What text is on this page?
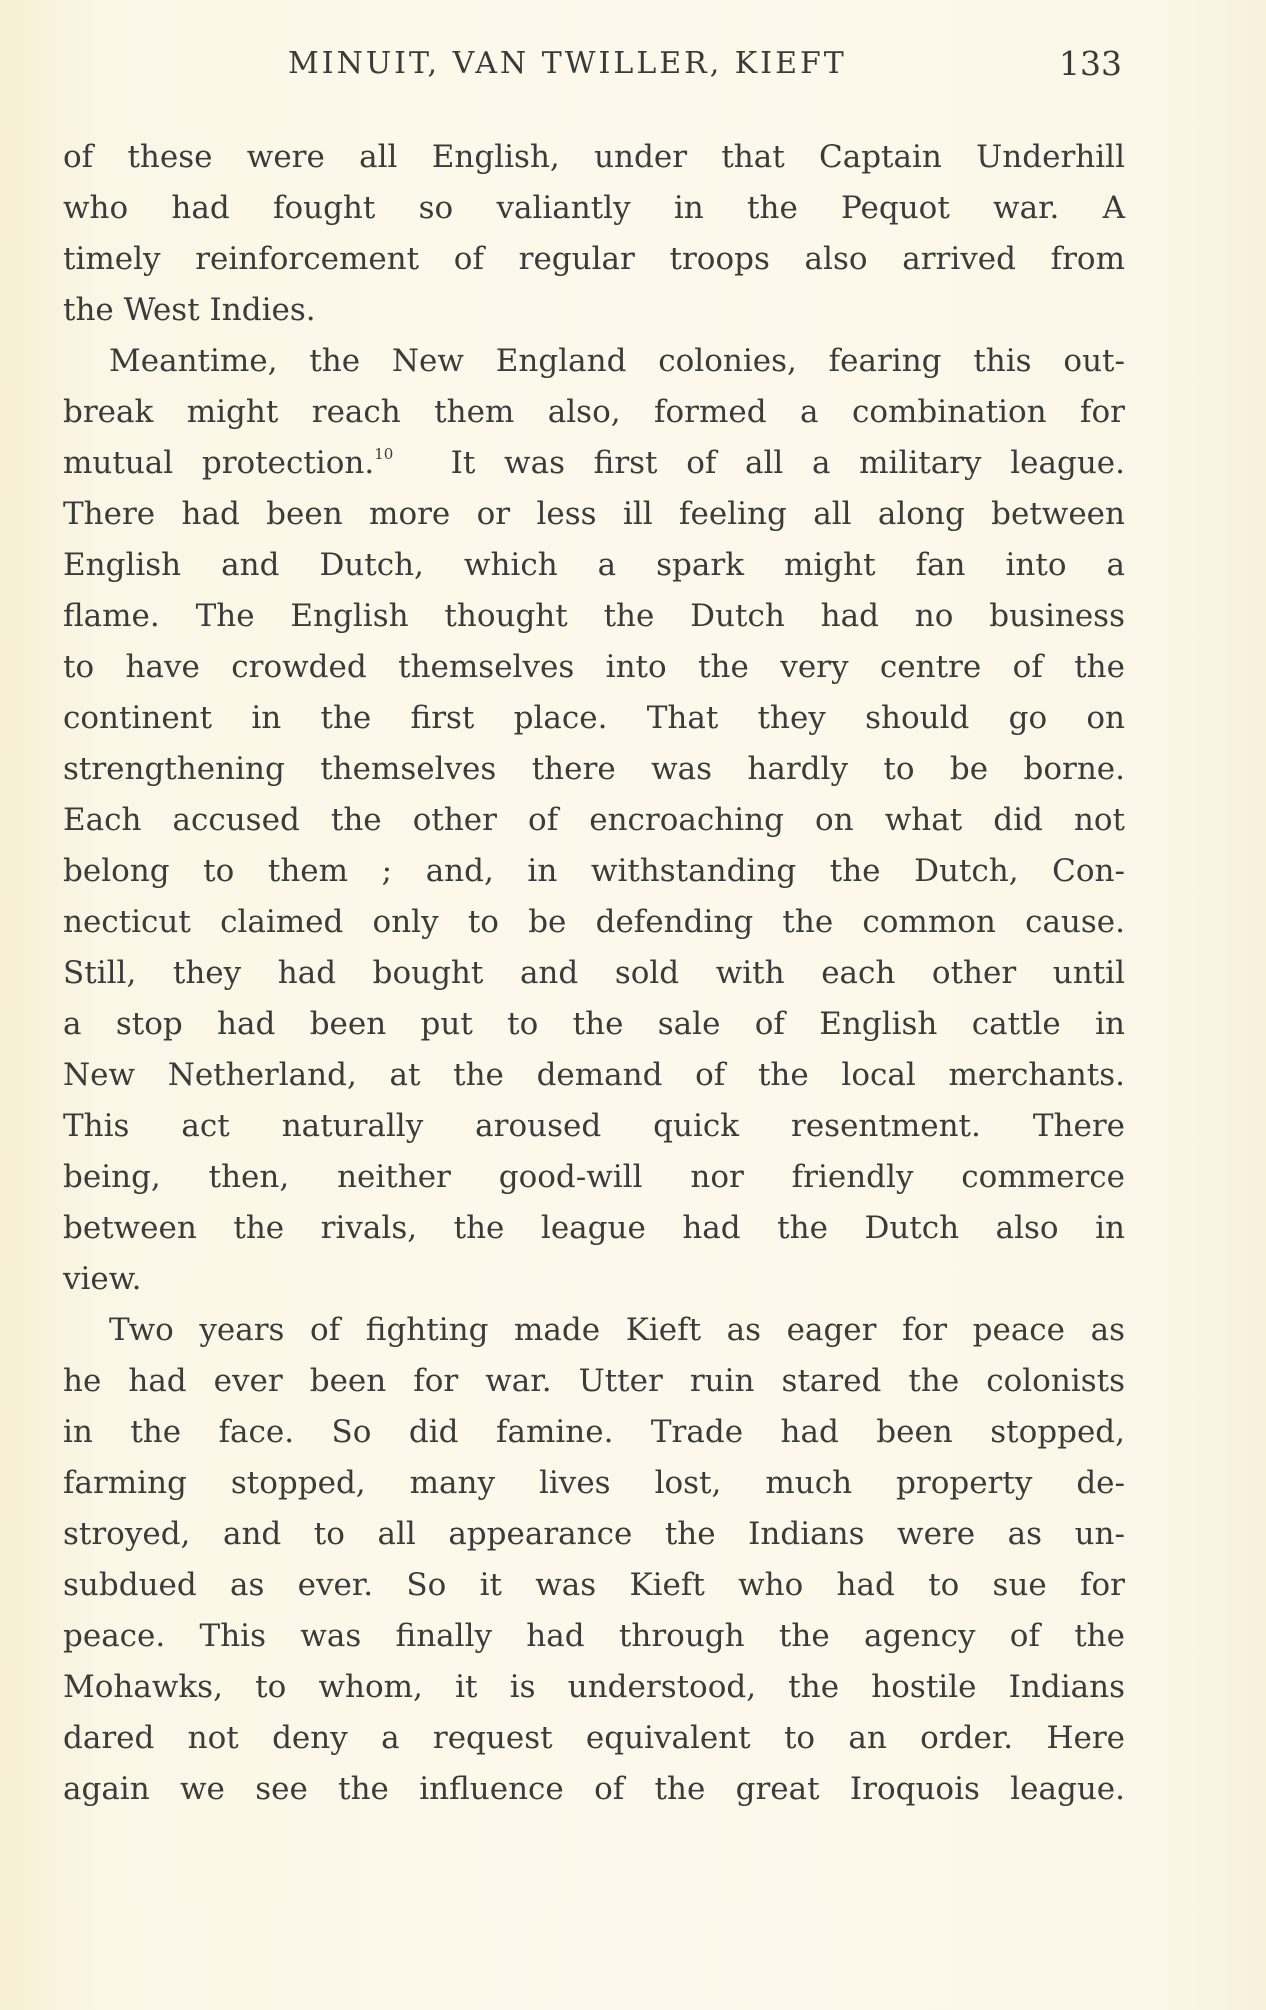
MINUIT, VAN TWILLER, KIEFT	133
of these were all English, under that Captain Underhill
who had fought so valiantly in the Pequot war. A
timely reinforcement of regular troops also arrived from
the West Indies.
Meantime, the New England colonies, fearing this out-
break might reach them also, formed a combination for
mutual protection.$^{10}$ It was first of all a military league.
There had been more or less ill feeling all along between
English and Dutch, which a spark might fan into a
flame. The English thought the Dutch had no business
to have crowded themselves into the very centre of the
continent in the first place. That they should go on
strengthening themselves there was hardly to be borne.
Each accused the other of encroaching on what did not
belong to them ; and, in withstanding the Dutch, Con-
necticut claimed only to be defending the common cause.
Still, they had bought and sold with each other until
a stop had been put to the sale of English cattle in
New Netherland, at the demand of the local merchants.
This act naturally aroused quick resentment. There
being, then, neither good-will nor friendly commerce
between the rivals, the league had the Dutch also in
view.
Two years of fighting made Kieft as eager for peace as
he had ever been for war. Utter ruin stared the colonists
in the face. So did famine. Trade had been stopped,
farming stopped, many lives lost, much property de-
stroyed, and to all appearance the Indians were as un-
subdued as ever. So it was Kieft who had to sue for
peace. This was finally had through the agency of the
Mohawks, to whom, it is understood, the hostile Indians
dared not deny a request equivalent to an order. Here
again we see the influence of the great Iroquois league.
